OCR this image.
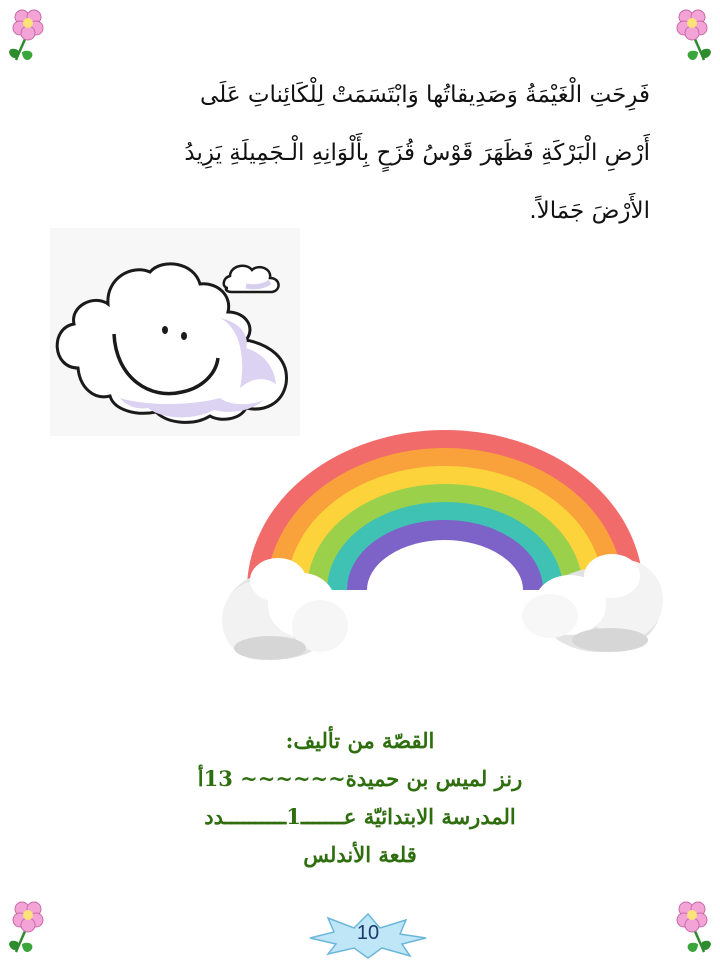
فَرِحَتِ الْغَيْمَةُ وَصَدِيقاتُها وَابْتَسَمَتْ لِلْكَائِناتِ عَلَى
أَرْضِ الْبَرْكَةِ فَظَهَرَ قَوْسُ قُزَحٍ بِأَلْوَانِهِ الْـجَمِيلَةِ يَزِيدُ
الأَرْضَ جَمَالاً.

القصّة من تأليف:
رنز لميس بن حميدة~~~~~~ 13أ
المدرسة الابتدائيّة عـــــــ1ــــــــــدد
قلعة الأندلس

10
